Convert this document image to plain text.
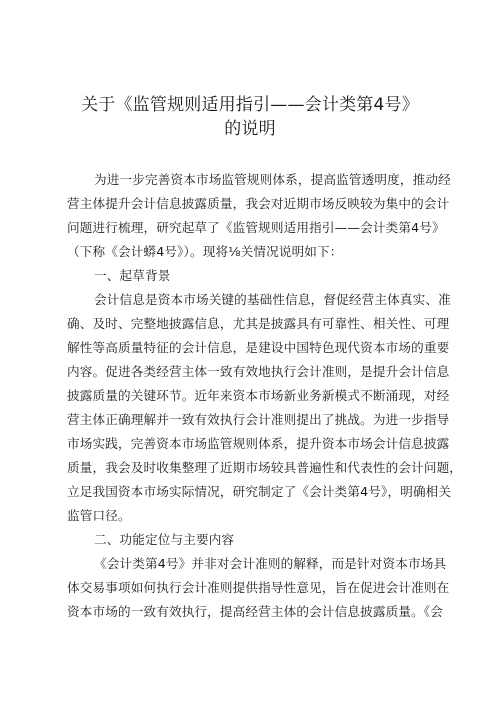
关于《监管规则适用指引——会计类第4号》
的说明
为进一步完善资本市场监管规则体系，提高监管透明度，推动经
营主体提升会计信息披露质量，我会对近期市场反映较为集中的会计
问题进行梳理，研究起草了《监管规则适用指引——会计类第4号》
（下称《会计蟒4号》）。现将⅛关情况说明如下：
一、起草背景
会计信息是资本市场关键的基础性信息，督促经营主体真实、准
确、及时、完整地披露信息，尤其是披露具有可靠性、相关性、可理
解性等高质量特征的会计信息，是建设中国特色现代资本市场的重要
内容。促进各类经营主体一致有效地执行会计准则，是提升会计信息
披露质量的关键环节。近年来资本市场新业务新模式不断涌现，对经
营主体正确理解并一致有效执行会计准则提出了挑战。为进一步指导
市场实践，完善资本市场监管规则体系，提升资本市场会计信息披露
质量，我会及时收集整理了近期市场较具普遍性和代表性的会计问题，
立足我国资本市场实际情况，研究制定了《会计类第4号》，明确相关
监管口径。
二、功能定位与主要内容
《会计类第4号》并非对会计准则的解释，而是针对资本市场具
体交易事项如何执行会计准则提供指导性意见，旨在促进会计准则在
资本市场的一致有效执行，提高经营主体的会计信息披露质量。《会
